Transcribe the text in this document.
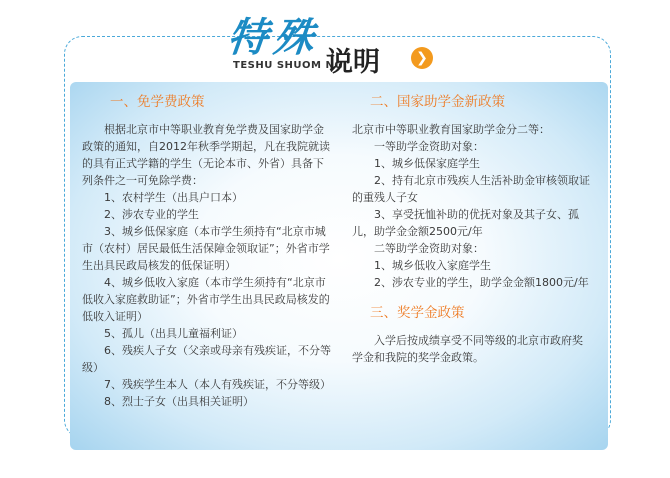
特殊
TESHU SHUOM NG
说明	❯
一、免学费政策

根据北京市中等职业教育免学费及国家助学金政策的通知，自2012年秋季学期起，凡在我院就读的具有正式学籍的学生（无论本市、外省）具备下列条件之一可免除学费：

1、农村学生（出具户口本）

2、涉农专业的学生

3、城乡低保家庭（本市学生须持有“北京市城市（农村）居民最低生活保障金领取证”；外省市学生出具民政局核发的低保证明）

4、城乡低收入家庭（本市学生须持有“北京市低收入家庭救助证”；外省市学生出具民政局核发的低收入证明）

5、孤儿（出具儿童福利证）

6、残疾人子女（父亲或母亲有残疾证，不分等级）

7、残疾学生本人（本人有残疾证，不分等级）

8、烈士子女（出具相关证明）

二、国家助学金新政策

北京市中等职业教育国家助学金分二等：

一等助学金资助对象：

1、城乡低保家庭学生

2、持有北京市残疾人生活补助金审核领取证的重残人子女

3、享受抚恤补助的优抚对象及其子女、孤儿，助学金金额2500元/年

二等助学金资助对象：

1、城乡低收入家庭学生

2、涉农专业的学生，助学金金额1800元/年

三、奖学金政策

入学后按成绩享受不同等级的北京市政府奖学金和我院的奖学金政策。
